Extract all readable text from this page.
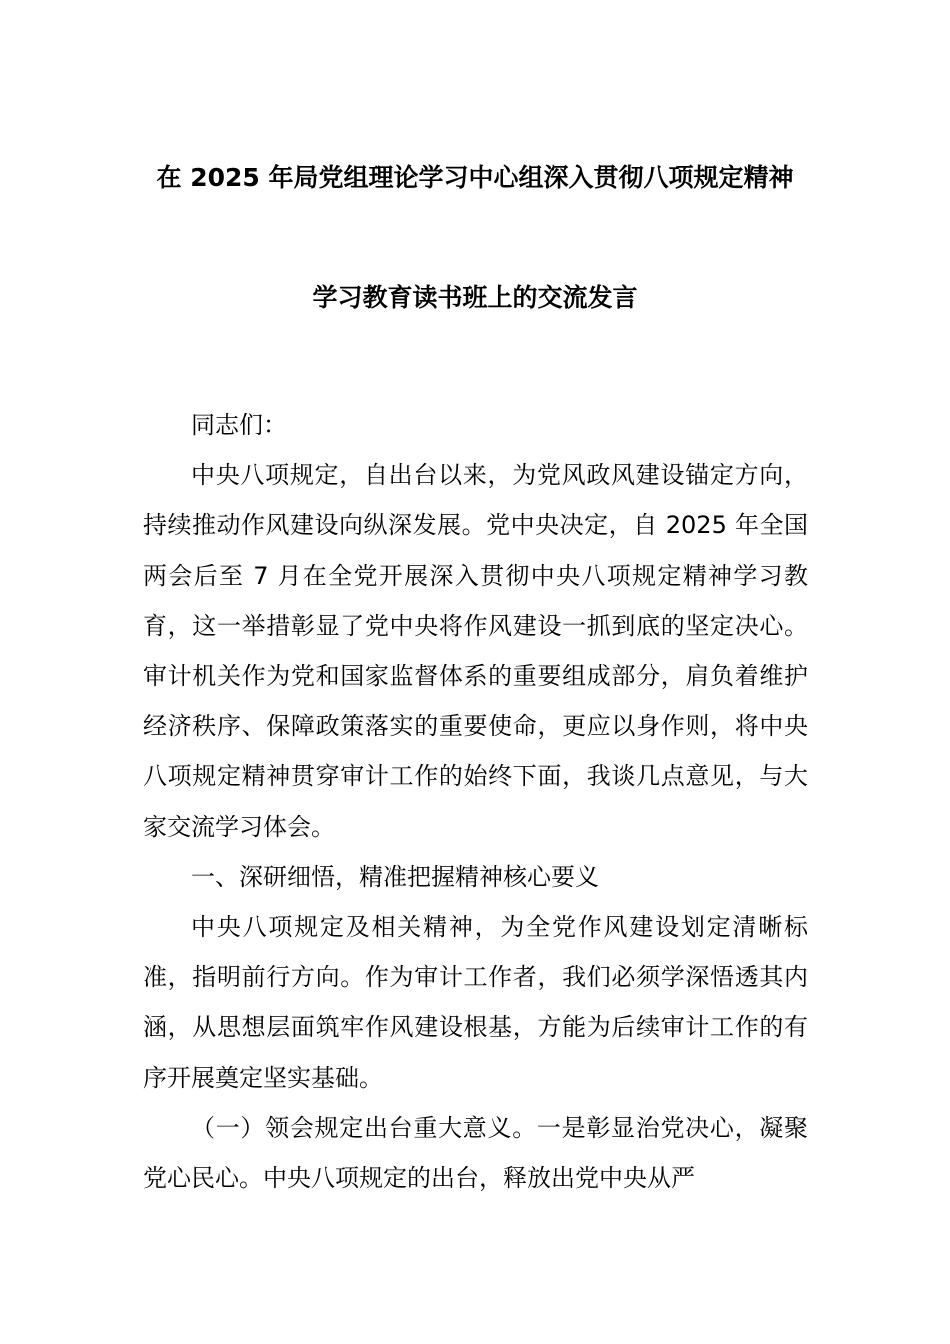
在 2025 年局党组理论学习中心组深入贯彻八项规定精神
学习教育读书班上的交流发言

同志们：

中央八项规定，自出台以来，为党风政风建设锚定方向，持续推动作风建设向纵深发展。党中央决定，自 2025 年全国两会后至 7 月在全党开展深入贯彻中央八项规定精神学习教育，这一举措彰显了党中央将作风建设一抓到底的坚定决心。审计机关作为党和国家监督体系的重要组成部分，肩负着维护经济秩序、保障政策落实的重要使命，更应以身作则，将中央八项规定精神贯穿审计工作的始终下面，我谈几点意见，与大家交流学习体会。

一、深研细悟，精准把握精神核心要义

中央八项规定及相关精神，为全党作风建设划定清晰标准，指明前行方向。作为审计工作者，我们必须学深悟透其内涵，从思想层面筑牢作风建设根基，方能为后续审计工作的有序开展奠定坚实基础。

（一）领会规定出台重大意义。一是彰显治党决心，凝聚党心民心。中央八项规定的出台，释放出党中央从严
